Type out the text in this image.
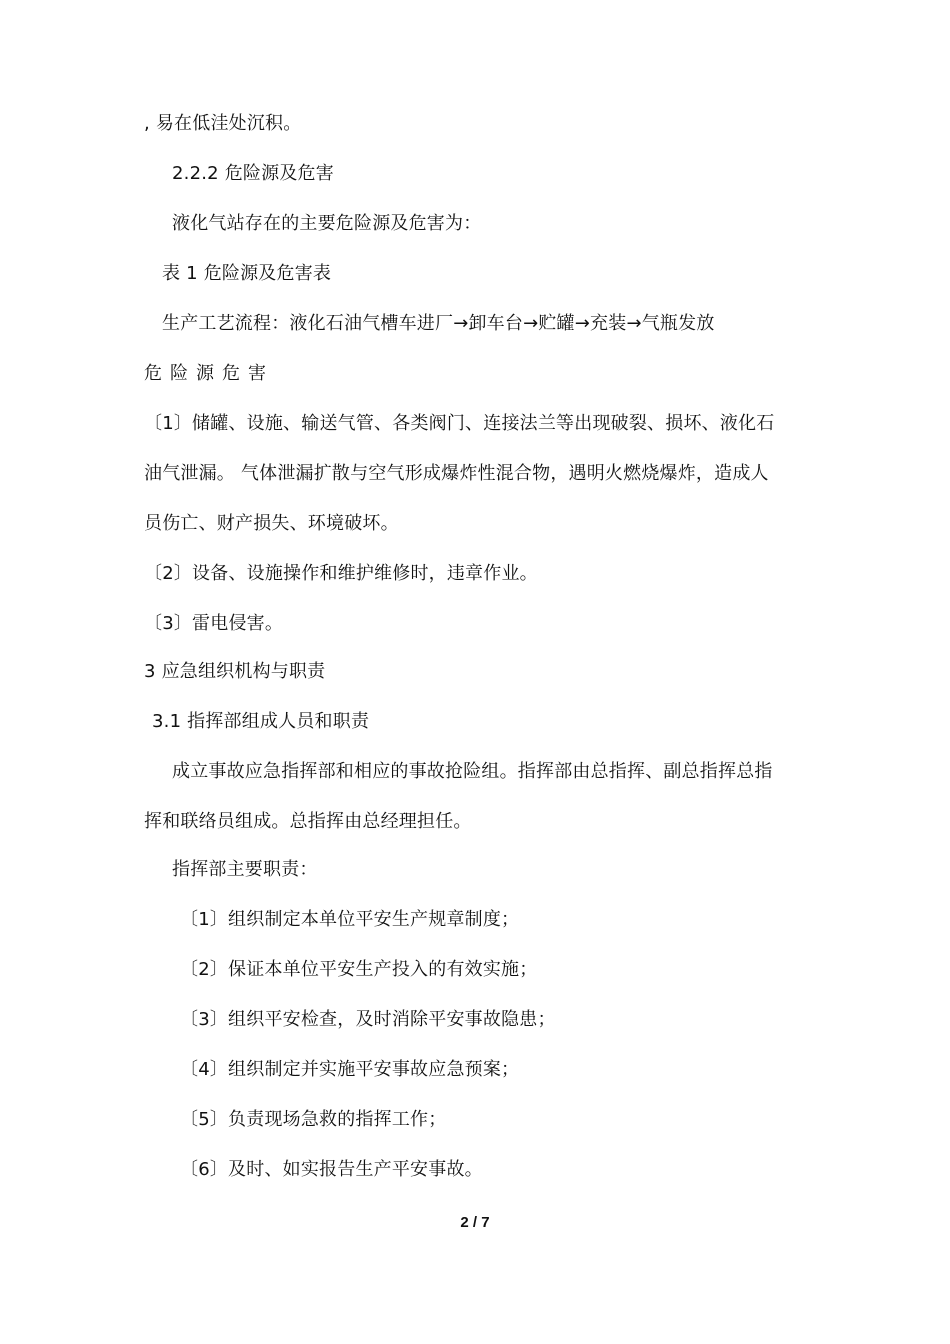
, 易在低洼处沉积。
2.2.2 危险源及危害
液化气站存在的主要危险源及危害为：
表 1 危险源及危害表
生产工艺流程：液化石油气槽车进厂→卸车台→贮罐→充装→气瓶发放
危险源危害
〔1〕储罐、设施、输送气管、各类阀门、连接法兰等出现破裂、损坏、液化石
油气泄漏。 气体泄漏扩散与空气形成爆炸性混合物，遇明火燃烧爆炸，造成人
员伤亡、财产损失、环境破坏。
〔2〕设备、设施操作和维护维修时，违章作业。
〔3〕雷电侵害。
3 应急组织机构与职责
3.1 指挥部组成人员和职责
成立事故应急指挥部和相应的事故抢险组。指挥部由总指挥、副总指挥总指
挥和联络员组成。总指挥由总经理担任。
指挥部主要职责：
〔1〕组织制定本单位平安生产规章制度；
〔2〕保证本单位平安生产投入的有效实施；
〔3〕组织平安检查，及时消除平安事故隐患；
〔4〕组织制定并实施平安事故应急预案；
〔5〕负责现场急救的指挥工作；
〔6〕及时、如实报告生产平安事故。
2 / 7
